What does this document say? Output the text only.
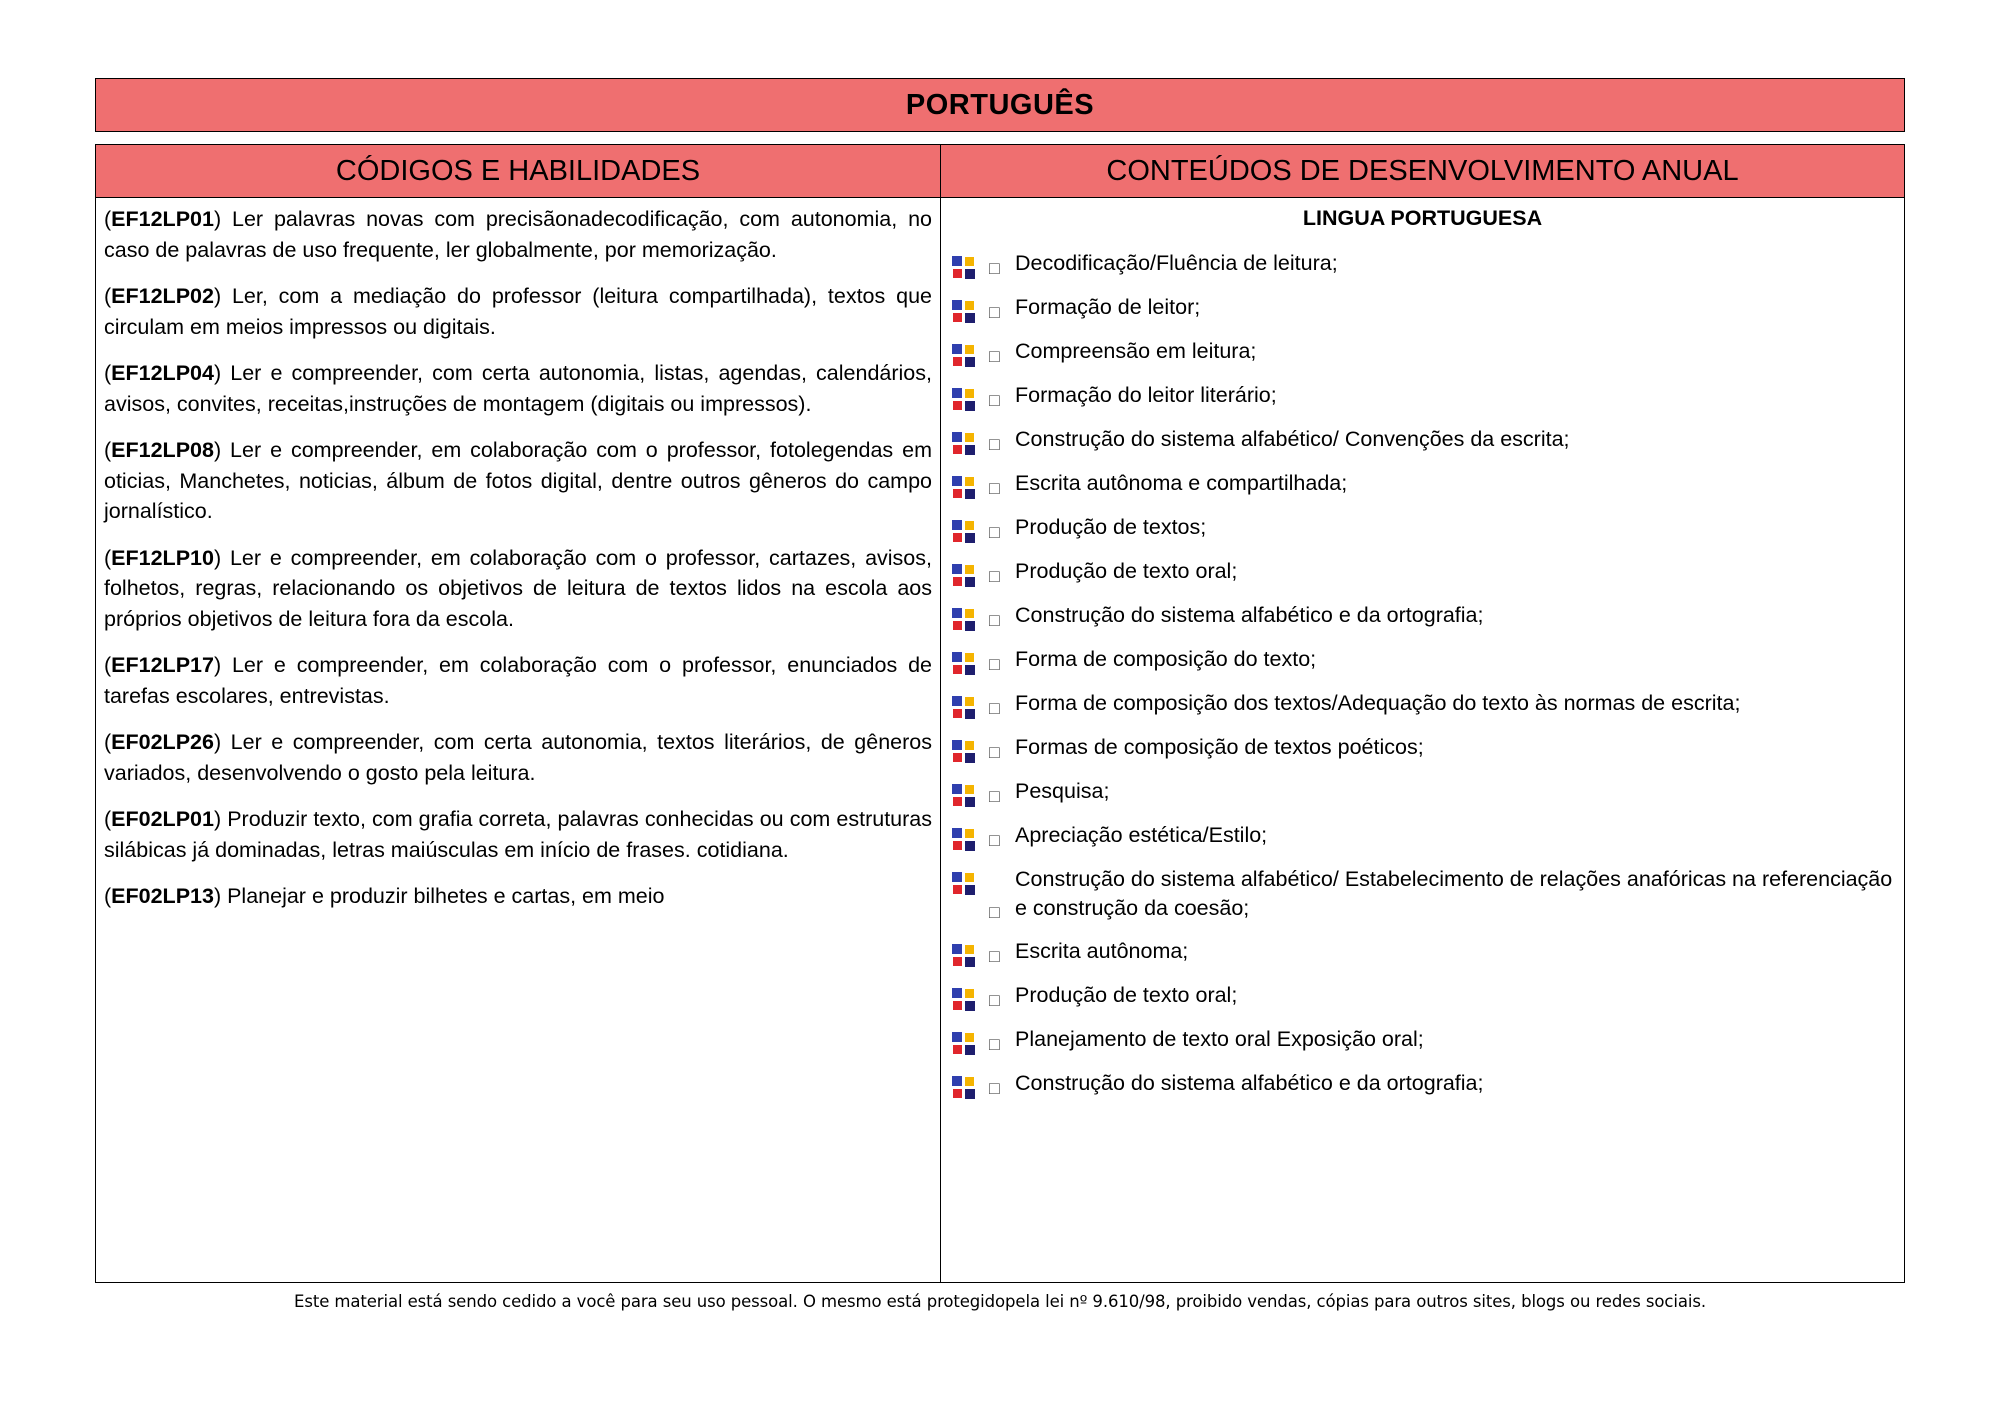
PORTUGUÊS
CÓDIGOS E HABILIDADES	CONTEÚDOS DE DESENVOLVIMENTO ANUAL

(EF12LP01) Ler palavras novas com precisãonadecodificação, com autonomia, no caso de palavras de uso frequente, ler globalmente, por memorização.

(EF12LP02) Ler, com a mediação do professor (leitura compartilhada), textos que circulam em meios impressos ou digitais.

(EF12LP04) Ler e compreender, com certa autonomia, listas, agendas, calendários, avisos, convites, receitas,instruções de montagem (digitais ou impressos).

(EF12LP08) Ler e compreender, em colaboração com o professor, fotolegendas em oticias, Manchetes, noticias, álbum de fotos digital, dentre outros gêneros do campo jornalístico.

(EF12LP10) Ler e compreender, em colaboração com o professor, cartazes, avisos, folhetos, regras, relacionando os objetivos de leitura de textos lidos na escola aos próprios objetivos de leitura fora da escola.

(EF12LP17) Ler e compreender, em colaboração com o professor, enunciados de tarefas escolares, entrevistas.

(EF02LP26) Ler e compreender, com certa autonomia, textos literários, de gêneros variados, desenvolvendo o gosto pela leitura.

(EF02LP01) Produzir texto, com grafia correta, palavras conhecidas ou com estruturas silábicas já dominadas, letras maiúsculas em início de frases. cotidiana.

(EF02LP13) Planejar e produzir bilhetes e cartas, em meio

LINGUA PORTUGUESA
□ Decodificação/Fluência de leitura;
□ Formação de leitor;
□ Compreensão em leitura;
□ Formação do leitor literário;
□ Construção do sistema alfabético/ Convenções da escrita;
□ Escrita autônoma e compartilhada;
□ Produção de textos;
□ Produção de texto oral;
□ Construção do sistema alfabético e da ortografia;
□ Forma de composição do texto;
□ Forma de composição dos textos/Adequação do texto às normas de escrita;
□ Formas de composição de textos poéticos;
□ Pesquisa;
□ Apreciação estética/Estilo;
□
Construção do sistema alfabético/ Estabelecimento de relações anafóricas na referenciação e construção da coesão;
□ Escrita autônoma;
□ Produção de texto oral;
□ Planejamento de texto oral Exposição oral;
□ Construção do sistema alfabético e da ortografia;
Este material está sendo cedido a você para seu uso pessoal. O mesmo está protegidopela lei nº 9.610/98, proibido vendas, cópias para outros sites, blogs ou redes sociais.
